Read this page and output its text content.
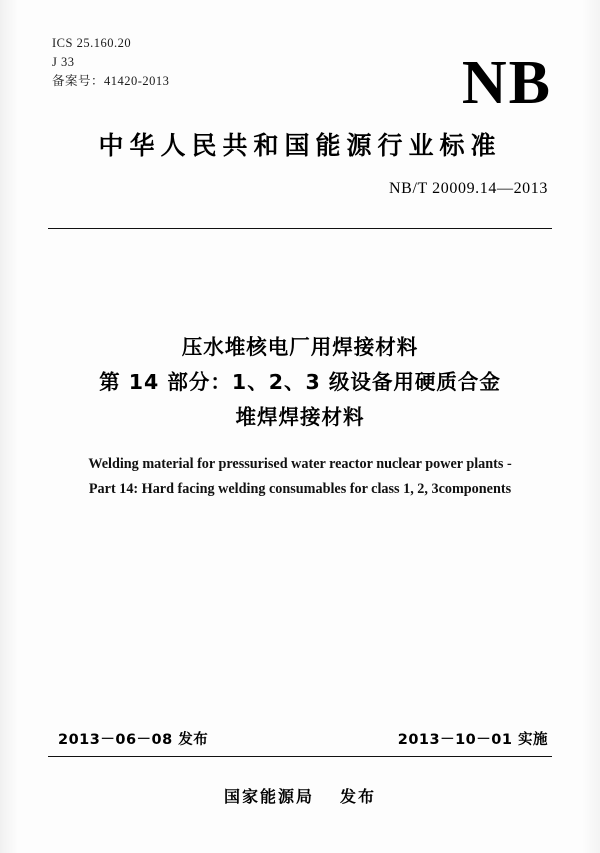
ICS 25.160.20
J 33
备案号：41420-2013	NB
中华人民共和国能源行业标准
NB/T 20009.14—2013
压水堆核电厂用焊接材料
第 14 部分：1、2、3 级设备用硬质合金
堆焊焊接材料
Welding material for pressurised water reactor nuclear power plants -
Part 14: Hard facing welding consumables for class 1, 2, 3components
2013－06－08 发布	2013－10－01 实施
国家能源局 发布
